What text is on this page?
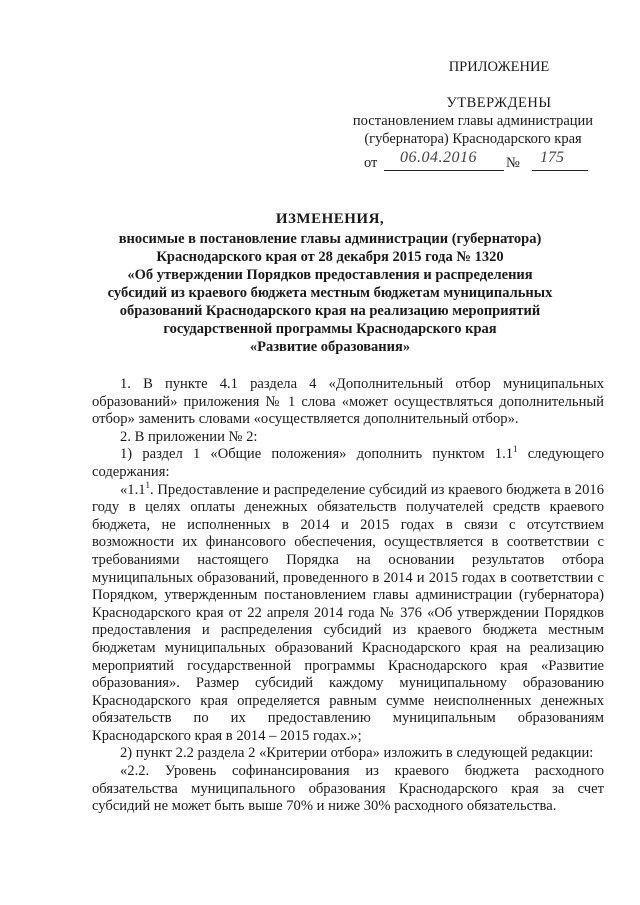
ПРИЛОЖЕНИЕ
УТВЕРЖДЕНЫ
постановлением главы администрации
(губернатора) Краснодарского края
от 06.04.2016 № 175
ИЗМЕНЕНИЯ,
вносимые в постановление главы администрации (губернатора)
Краснодарского края от 28 декабря 2015 года № 1320
«Об утверждении Порядков предоставления и распределения
субсидий из краевого бюджета местным бюджетам муниципальных
образований Краснодарского края на реализацию мероприятий
государственной программы Краснодарского края
«Развитие образования»

1. В пункте 4.1 раздела 4 «Дополнительный отбор муниципальных образований» приложения № 1 слова «может осуществляться дополнительный отбор» заменить словами «осуществляется дополнительный отбор».

2. В приложении № 2:

1) раздел 1 «Общие положения» дополнить пунктом $1.1^1$ следующего содержания:

«$1.1^1$. Предоставление и распределение субсидий из краевого бюджета в 2016 году в целях оплаты денежных обязательств получателей средств краевого бюджета, не исполненных в 2014 и 2015 годах в связи с отсутствием возможности их финансового обеспечения, осуществляется в соответствии с требованиями настоящего Порядка на основании результатов отбора муниципальных образований, проведенного в 2014 и 2015 годах в соответствии с Порядком, утвержденным постановлением главы администрации (губернатора) Краснодарского края от 22 апреля 2014 года № 376 «Об утверждении Порядков предоставления и распределения субсидий из краевого бюджета местным бюджетам муниципальных образований Краснодарского края на реализацию мероприятий государственной программы Краснодарского края «Развитие образования». Размер субсидий каждому муниципальному образованию Краснодарского края определяется равным сумме неисполненных денежных обязательств по их предоставлению муниципальным образованиям Краснодарского края в 2014 – 2015 годах.»;

2) пункт 2.2 раздела 2 «Критерии отбора» изложить в следующей редакции:

«2.2. Уровень софинансирования из краевого бюджета расходного обязательства муниципального образования Краснодарского края за счет субсидий не может быть выше 70% и ниже 30% расходного обязательства.
